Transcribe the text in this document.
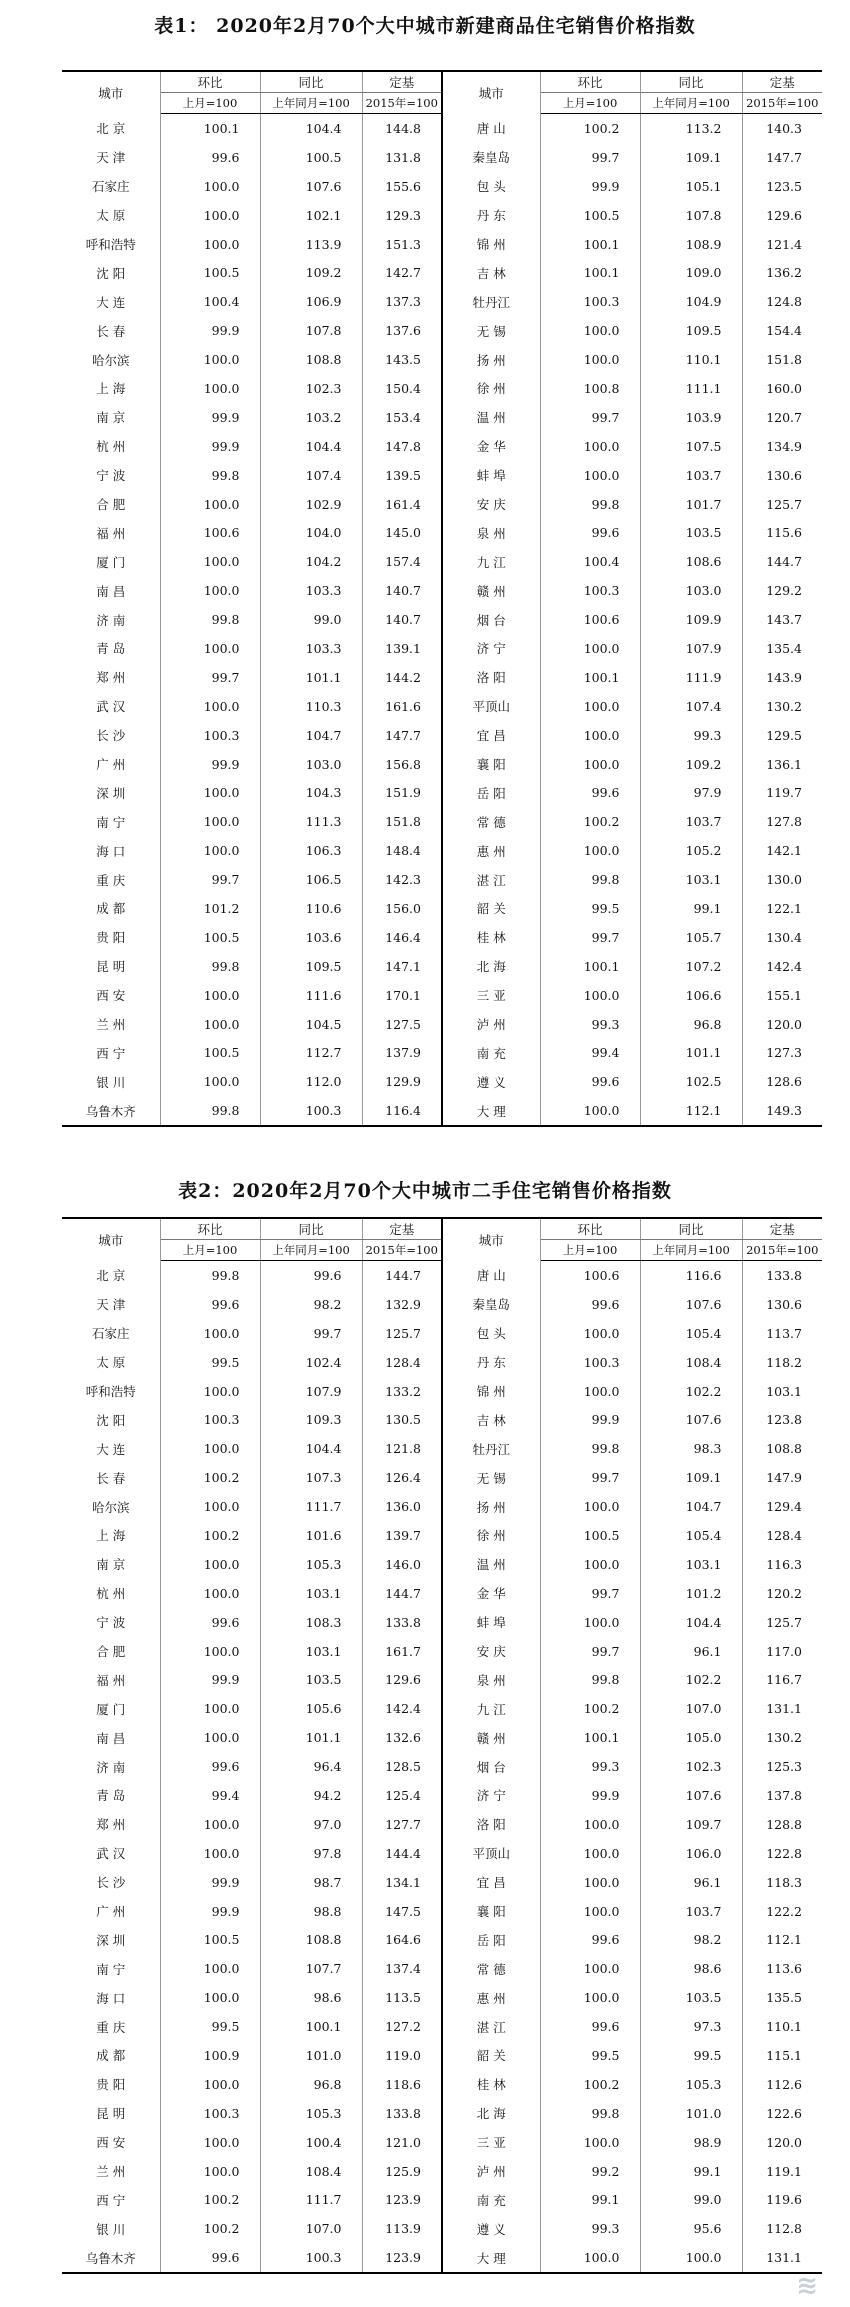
表1： 2020年2月70个大中城市新建商品住宅销售价格指数
城市	环比	同比	定基	城市	环比	同比	定基
	上月=100	上年同月=100	2015年=100		上月=100	上年同月=100	2015年=100
北 京	100.1	104.4	144.8	唐 山	100.2	113.2	140.3
天 津	99.6	100.5	131.8	秦皇岛	99.7	109.1	147.7
石家庄	100.0	107.6	155.6	包 头	99.9	105.1	123.5
太 原	100.0	102.1	129.3	丹 东	100.5	107.8	129.6
呼和浩特	100.0	113.9	151.3	锦 州	100.1	108.9	121.4
沈 阳	100.5	109.2	142.7	吉 林	100.1	109.0	136.2
大 连	100.4	106.9	137.3	牡丹江	100.3	104.9	124.8
长 春	99.9	107.8	137.6	无 锡	100.0	109.5	154.4
哈尔滨	100.0	108.8	143.5	扬 州	100.0	110.1	151.8
上 海	100.0	102.3	150.4	徐 州	100.8	111.1	160.0
南 京	99.9	103.2	153.4	温 州	99.7	103.9	120.7
杭 州	99.9	104.4	147.8	金 华	100.0	107.5	134.9
宁 波	99.8	107.4	139.5	蚌 埠	100.0	103.7	130.6
合 肥	100.0	102.9	161.4	安 庆	99.8	101.7	125.7
福 州	100.6	104.0	145.0	泉 州	99.6	103.5	115.6
厦 门	100.0	104.2	157.4	九 江	100.4	108.6	144.7
南 昌	100.0	103.3	140.7	赣 州	100.3	103.0	129.2
济 南	99.8	99.0	140.7	烟 台	100.6	109.9	143.7
青 岛	100.0	103.3	139.1	济 宁	100.0	107.9	135.4
郑 州	99.7	101.1	144.2	洛 阳	100.1	111.9	143.9
武 汉	100.0	110.3	161.6	平顶山	100.0	107.4	130.2
长 沙	100.3	104.7	147.7	宜 昌	100.0	99.3	129.5
广 州	99.9	103.0	156.8	襄 阳	100.0	109.2	136.1
深 圳	100.0	104.3	151.9	岳 阳	99.6	97.9	119.7
南 宁	100.0	111.3	151.8	常 德	100.2	103.7	127.8
海 口	100.0	106.3	148.4	惠 州	100.0	105.2	142.1
重 庆	99.7	106.5	142.3	湛 江	99.8	103.1	130.0
成 都	101.2	110.6	156.0	韶 关	99.5	99.1	122.1
贵 阳	100.5	103.6	146.4	桂 林	99.7	105.7	130.4
昆 明	99.8	109.5	147.1	北 海	100.1	107.2	142.4
西 安	100.0	111.6	170.1	三 亚	100.0	106.6	155.1
兰 州	100.0	104.5	127.5	泸 州	99.3	96.8	120.0
西 宁	100.5	112.7	137.9	南 充	99.4	101.1	127.3
银 川	100.0	112.0	129.9	遵 义	99.6	102.5	128.6
乌鲁木齐	99.8	100.3	116.4	大 理	100.0	112.1	149.3
表2：2020年2月70个大中城市二手住宅销售价格指数
城市	环比	同比	定基	城市	环比	同比	定基
	上月=100	上年同月=100	2015年=100		上月=100	上年同月=100	2015年=100
北 京	99.8	99.6	144.7	唐 山	100.6	116.6	133.8
天 津	99.6	98.2	132.9	秦皇岛	99.6	107.6	130.6
石家庄	100.0	99.7	125.7	包 头	100.0	105.4	113.7
太 原	99.5	102.4	128.4	丹 东	100.3	108.4	118.2
呼和浩特	100.0	107.9	133.2	锦 州	100.0	102.2	103.1
沈 阳	100.3	109.3	130.5	吉 林	99.9	107.6	123.8
大 连	100.0	104.4	121.8	牡丹江	99.8	98.3	108.8
长 春	100.2	107.3	126.4	无 锡	99.7	109.1	147.9
哈尔滨	100.0	111.7	136.0	扬 州	100.0	104.7	129.4
上 海	100.2	101.6	139.7	徐 州	100.5	105.4	128.4
南 京	100.0	105.3	146.0	温 州	100.0	103.1	116.3
杭 州	100.0	103.1	144.7	金 华	99.7	101.2	120.2
宁 波	99.6	108.3	133.8	蚌 埠	100.0	104.4	125.7
合 肥	100.0	103.1	161.7	安 庆	99.7	96.1	117.0
福 州	99.9	103.5	129.6	泉 州	99.8	102.2	116.7
厦 门	100.0	105.6	142.4	九 江	100.2	107.0	131.1
南 昌	100.0	101.1	132.6	赣 州	100.1	105.0	130.2
济 南	99.6	96.4	128.5	烟 台	99.3	102.3	125.3
青 岛	99.4	94.2	125.4	济 宁	99.9	107.6	137.8
郑 州	100.0	97.0	127.7	洛 阳	100.0	109.7	128.8
武 汉	100.0	97.8	144.4	平顶山	100.0	106.0	122.8
长 沙	99.9	98.7	134.1	宜 昌	100.0	96.1	118.3
广 州	99.9	98.8	147.5	襄 阳	100.0	103.7	122.2
深 圳	100.5	108.8	164.6	岳 阳	99.6	98.2	112.1
南 宁	100.0	107.7	137.4	常 德	100.0	98.6	113.6
海 口	100.0	98.6	113.5	惠 州	100.0	103.5	135.5
重 庆	99.5	100.1	127.2	湛 江	99.6	97.3	110.1
成 都	100.9	101.0	119.0	韶 关	99.5	99.5	115.1
贵 阳	100.0	96.8	118.6	桂 林	100.2	105.3	112.6
昆 明	100.3	105.3	133.8	北 海	99.8	101.0	122.6
西 安	100.0	100.4	121.0	三 亚	100.0	98.9	120.0
兰 州	100.0	108.4	125.9	泸 州	99.2	99.1	119.1
西 宁	100.2	111.7	123.9	南 充	99.1	99.0	119.6
银 川	100.2	107.0	113.9	遵 义	99.3	95.6	112.8
乌鲁木齐	99.6	100.3	123.9	大 理	100.0	100.0	131.1
≋
